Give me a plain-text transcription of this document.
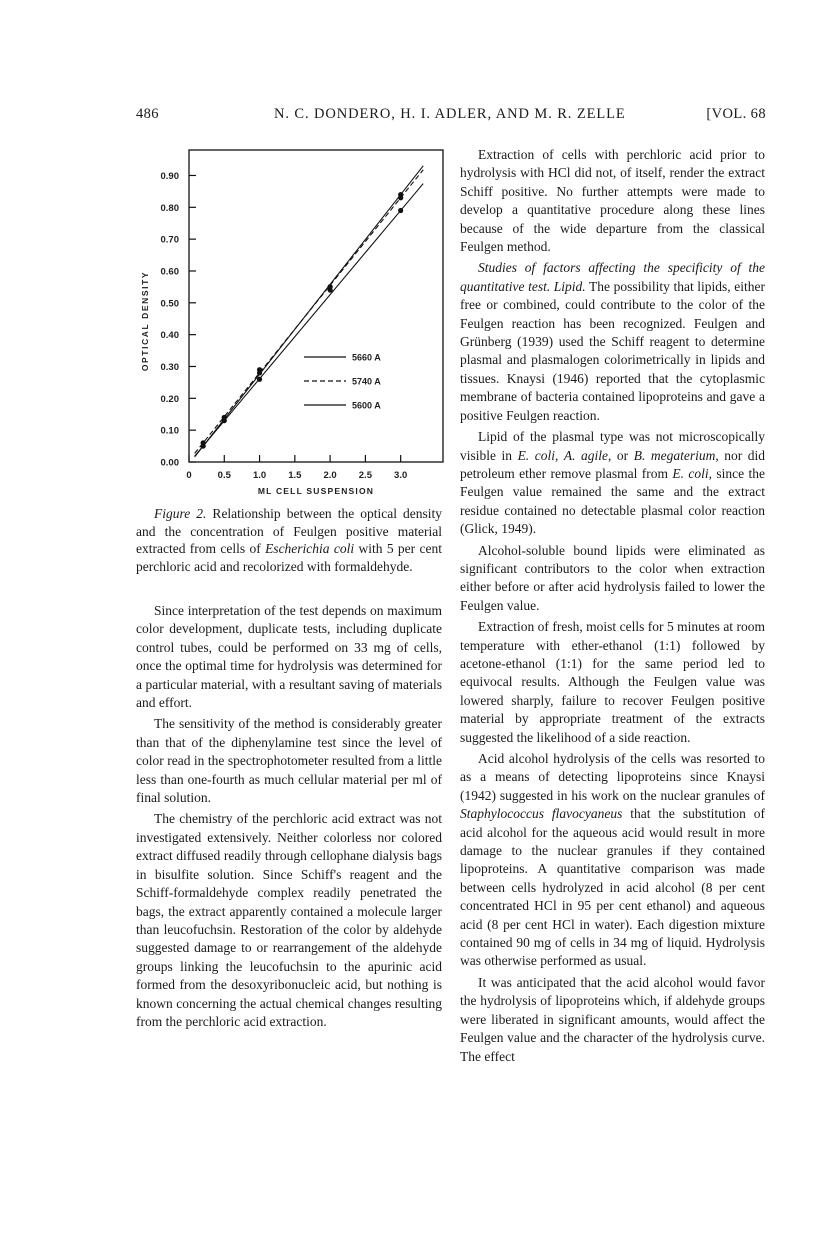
486	N. C. DONDERO, H. I. ADLER, AND M. R. ZELLE	[VOL. 68
0.00
0.10
0.20
0.30
0.40
0.50
0.60
0.70
0.80
0.90
0	0.5 1.0 1.5 2.0 2.5 3.0
ML CELL SUSPENSION
OPTICAL DENSITY	5660 A
5740 A
5600 A

Figure 2. Relationship between the optical density and the concentration of Feulgen positive material extracted from cells of Escherichia coli with 5 per cent perchloric acid and recolorized with formaldehyde.

Since interpretation of the test depends on maximum color development, duplicate tests, including duplicate control tubes, could be performed on 33 mg of cells, once the optimal time for hydrolysis was determined for a particular material, with a resultant saving of materials and effort.

The sensitivity of the method is considerably greater than that of the diphenylamine test since the level of color read in the spectrophotometer resulted from a little less than one-fourth as much cellular material per ml of final solution.

The chemistry of the perchloric acid extract was not investigated extensively. Neither colorless nor colored extract diffused readily through cellophane dialysis bags in bisulfite solution. Since Schiff's reagent and the Schiff-formaldehyde complex readily penetrated the bags, the extract apparently contained a molecule larger than leucofuchsin. Restoration of the color by aldehyde suggested damage to or rearrangement of the aldehyde groups linking the leucofuchsin to the apurinic acid formed from the desoxyribonucleic acid, but nothing is known concerning the actual chemical changes resulting from the perchloric acid extraction.

Extraction of cells with perchloric acid prior to hydrolysis with HCl did not, of itself, render the extract Schiff positive. No further attempts were made to develop a quantitative procedure along these lines because of the wide departure from the classical Feulgen method.

Studies of factors affecting the specificity of the quantitative test. Lipid. The possibility that lipids, either free or combined, could contribute to the color of the Feulgen reaction has been recognized. Feulgen and Grünberg (1939) used the Schiff reagent to determine plasmal and plasmalogen colorimetrically in lipids and tissues. Knaysi (1946) reported that the cytoplasmic membrane of bacteria contained lipoproteins and gave a positive Feulgen reaction.

Lipid of the plasmal type was not microscopically visible in E. coli, A. agile, or B. megaterium, nor did petroleum ether remove plasmal from E. coli, since the Feulgen value remained the same and the extract residue contained no detectable plasmal color reaction (Glick, 1949).

Alcohol-soluble bound lipids were eliminated as significant contributors to the color when extraction either before or after acid hydrolysis failed to lower the Feulgen value.

Extraction of fresh, moist cells for 5 minutes at room temperature with ether-ethanol (1:1) followed by acetone-ethanol (1:1) for the same period led to equivocal results. Although the Feulgen value was lowered sharply, failure to recover Feulgen positive material by appropriate treatment of the extracts suggested the likelihood of a side reaction.

Acid alcohol hydrolysis of the cells was resorted to as a means of detecting lipoproteins since Knaysi (1942) suggested in his work on the nuclear granules of Staphylococcus flavocyaneus that the substitution of acid alcohol for the aqueous acid would result in more damage to the nuclear granules if they contained lipoproteins. A quantitative comparison was made between cells hydrolyzed in acid alcohol (8 per cent concentrated HCl in 95 per cent ethanol) and aqueous acid (8 per cent HCl in water). Each digestion mixture contained 90 mg of cells in 34 mg of liquid. Hydrolysis was otherwise performed as usual.

It was anticipated that the acid alcohol would favor the hydrolysis of lipoproteins which, if aldehyde groups were liberated in significant amounts, would affect the Feulgen value and the character of the hydrolysis curve. The effect
